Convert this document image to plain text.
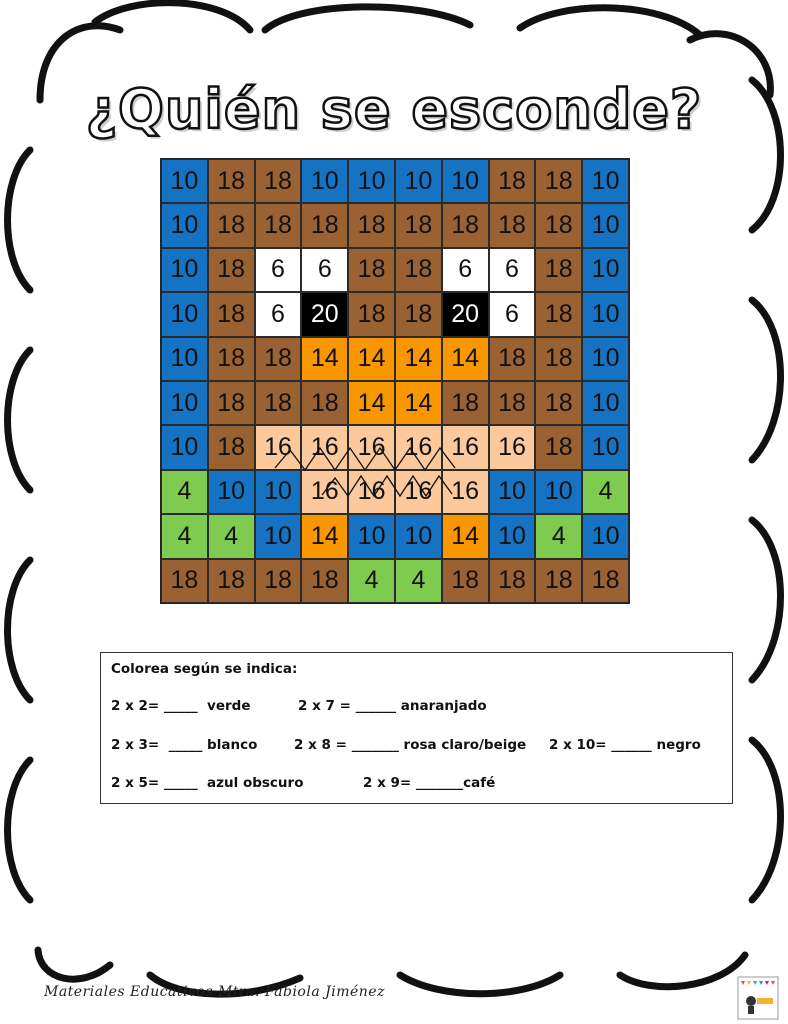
¿Quién se esconde?
10 18 18 10 10 10 10 18 18 10
10 18 18 18 18 18 18 18 18 10
10 18	6	6	18 18	6	6	18 10
10 18	6	20 18 18 20	6	18 10
10 18 18 14 14 14 14 18 18 10
10 18 18 18 14 14 18 18 18 10
10 18 16 16 16 16 16 16 18 10
4	10 10 16 16 16 16 10 10	4
4	4	10 14 10 10 14 10	4	10
18 18 18 18	4	4	18 18 18 18
Colorea según se indica:
2 x 2= _____  verde	2 x 7 = ______ anaranjado
2 x 3=  _____ blanco	2 x 8 = _______ rosa claro/beige 2 x 10= ______ negro
2 x 5= _____  azul obscuro	2 x 9= _______café
Materiales Educativos Mtra. Fabiola Jiménez
